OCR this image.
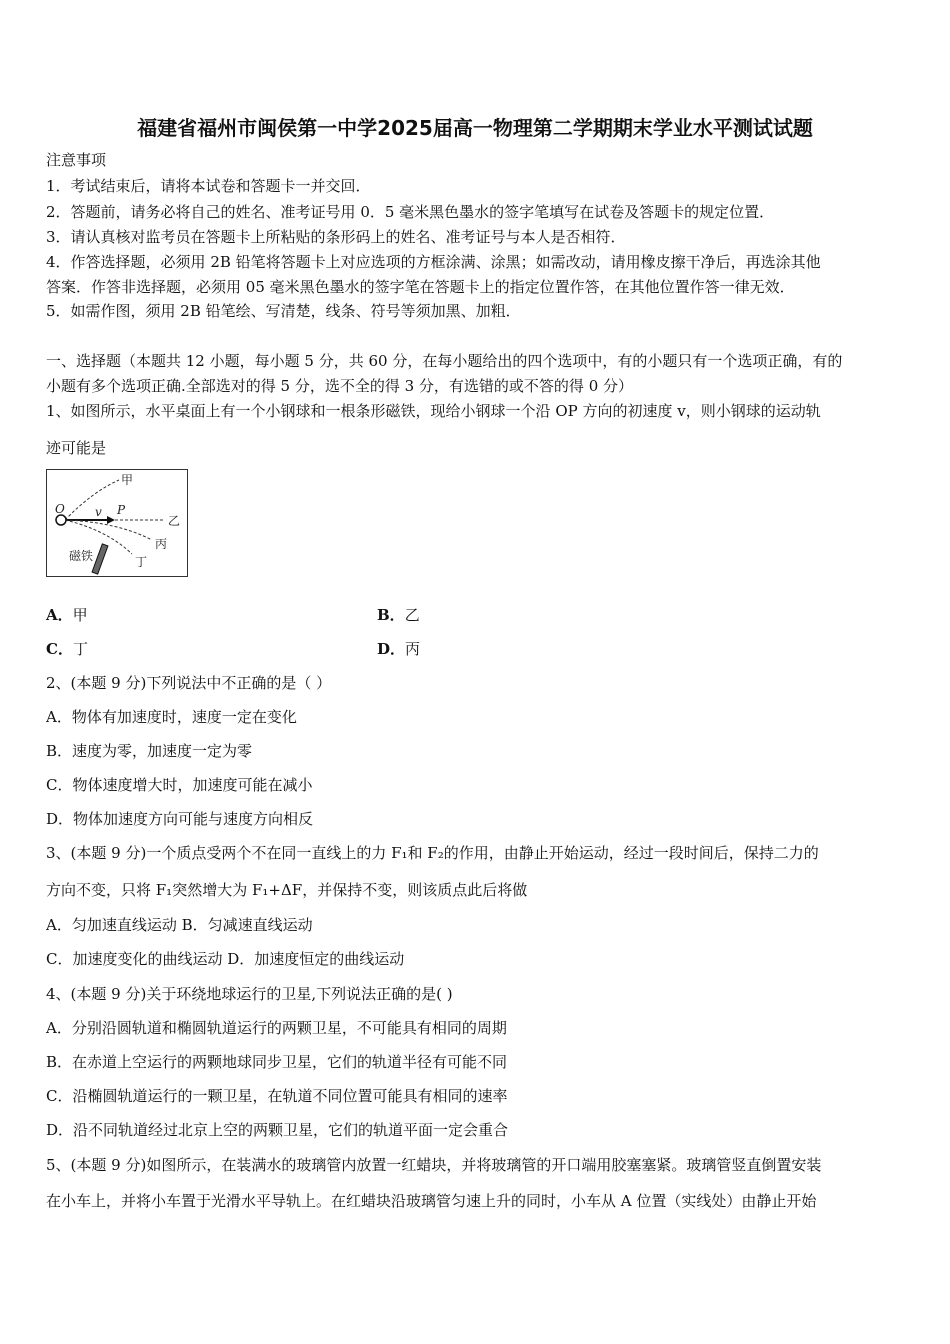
福建省福州市闽侯第一中学2025届高一物理第二学期期末学业水平测试试题
注意事项
1．考试结束后，请将本试卷和答题卡一并交回．
2．答题前，请务必将自己的姓名、准考证号用 0．5 毫米黑色墨水的签字笔填写在试卷及答题卡的规定位置．
3．请认真核对监考员在答题卡上所粘贴的条形码上的姓名、准考证号与本人是否相符．
4．作答选择题，必须用 2B 铅笔将答题卡上对应选项的方框涂满、涂黑；如需改动，请用橡皮擦干净后，再选涂其他
答案．作答非选择题，必须用 05 毫米黑色墨水的签字笔在答题卡上的指定位置作答，在其他位置作答一律无效．
5．如需作图，须用 2B 铅笔绘、写清楚，线条、符号等须加黑、加粗．
一、选择题（本题共 12 小题，每小题 5 分，共 60 分，在每小题给出的四个选项中，有的小题只有一个选项正确，有的
小题有多个选项正确.全部选对的得 5 分，选不全的得 3 分，有选错的或不答的得 0 分）
1、如图所示，水平桌面上有一个小钢球和一根条形磁铁，现给小钢球一个沿 OP 方向的初速度 v，则小钢球的运动轨
迹可能是
O	v P
甲
乙
丙
丁
磁铁
A．甲	B．乙
C．丁	D．丙
2、(本题 9 分)下列说法中不正确的是（ ）
A．物体有加速度时，速度一定在变化
B．速度为零，加速度一定为零
C．物体速度增大时，加速度可能在减小
D．物体加速度方向可能与速度方向相反
3、(本题 9 分)一个质点受两个不在同一直线上的力 F₁和 F₂的作用，由静止开始运动，经过一段时间后，保持二力的
方向不变，只将 F₁突然增大为 F₁+ΔF，并保持不变，则该质点此后将做
A．匀加速直线运动 B．匀减速直线运动
C．加速度变化的曲线运动 D．加速度恒定的曲线运动
4、(本题 9 分)关于环绕地球运行的卫星,下列说法正确的是( )
A．分别沿圆轨道和椭圆轨道运行的两颗卫星，不可能具有相同的周期
B．在赤道上空运行的两颗地球同步卫星，它们的轨道半径有可能不同
C．沿椭圆轨道运行的一颗卫星，在轨道不同位置可能具有相同的速率
D．沿不同轨道经过北京上空的两颗卫星，它们的轨道平面一定会重合
5、(本题 9 分)如图所示，在装满水的玻璃管内放置一红蜡块，并将玻璃管的开口端用胶塞塞紧。玻璃管竖直倒置安装
在小车上，并将小车置于光滑水平导轨上。在红蜡块沿玻璃管匀速上升的同时，小车从 A 位置（实线处）由静止开始
